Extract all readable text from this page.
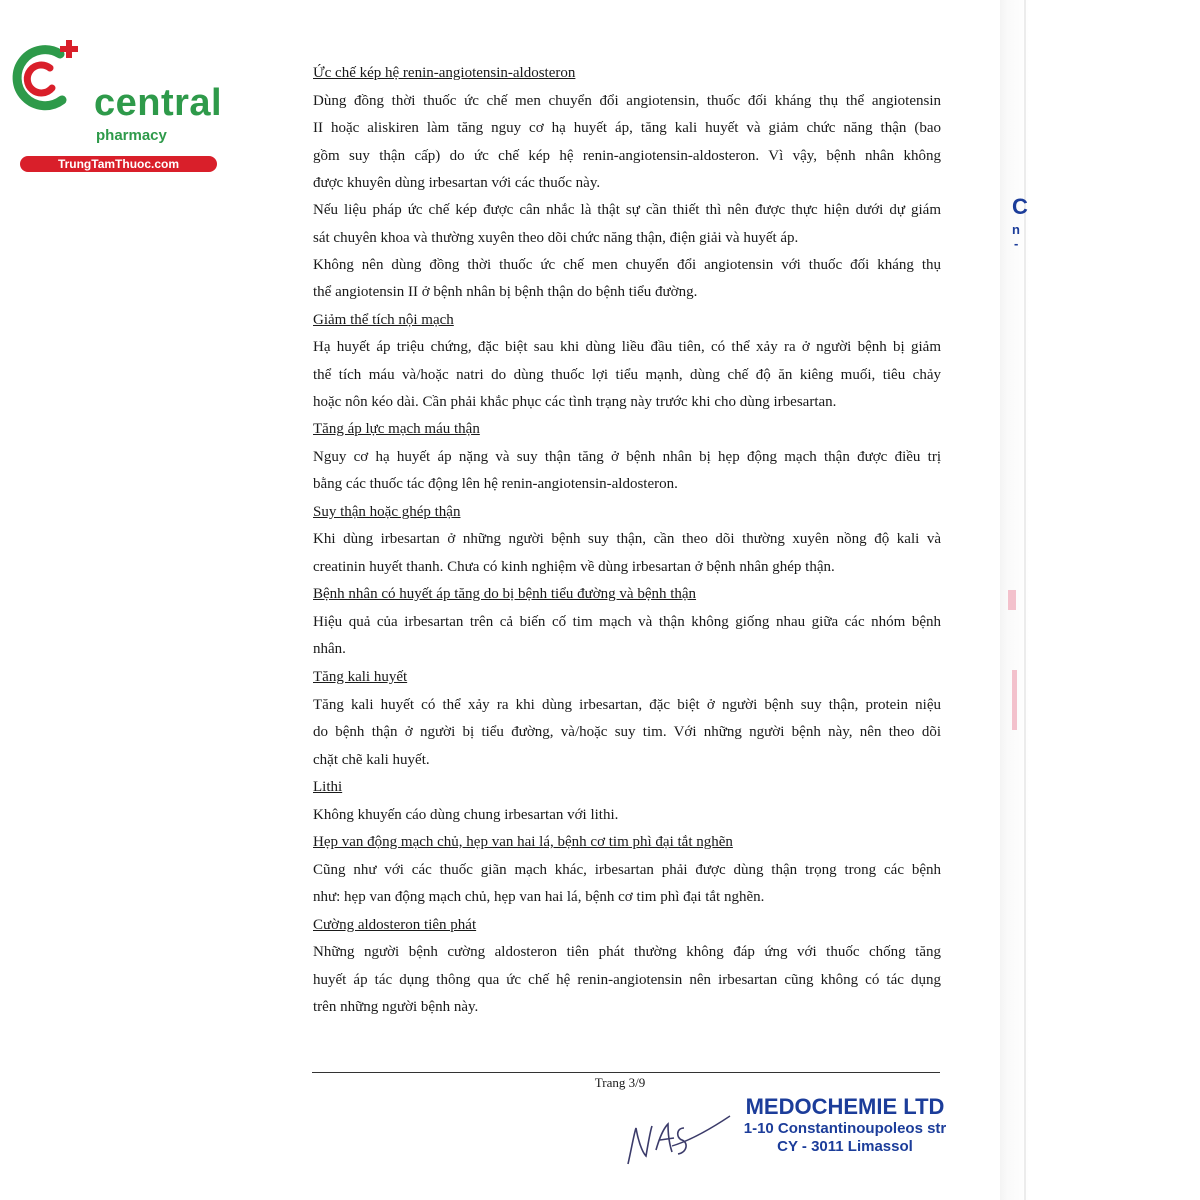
central
pharmacy
TrungTamThuoc.com
Ức chế kép hệ renin-angiotensin-aldosteron
Dùng đồng thời thuốc ức chế men chuyển đổi angiotensin, thuốc đối kháng thụ thể angiotensin
II hoặc aliskiren làm tăng nguy cơ hạ huyết áp, tăng kali huyết và giảm chức năng thận (bao
gồm suy thận cấp) do ức chế kép hệ renin-angiotensin-aldosteron. Vì vậy, bệnh nhân không
được khuyên dùng irbesartan với các thuốc này.
Nếu liệu pháp ức chế kép được cân nhắc là thật sự cần thiết thì nên được thực hiện dưới dự giám
sát chuyên khoa và thường xuyên theo dõi chức năng thận, điện giải và huyết áp.
Không nên dùng đồng thời thuốc ức chế men chuyển đổi angiotensin với thuốc đối kháng thụ
thể angiotensin II ở bệnh nhân bị bệnh thận do bệnh tiểu đường.
Giảm thể tích nội mạch
Hạ huyết áp triệu chứng, đặc biệt sau khi dùng liều đầu tiên, có thể xảy ra ở người bệnh bị giảm
thể tích máu và/hoặc natri do dùng thuốc lợi tiểu mạnh, dùng chế độ ăn kiêng muối, tiêu chảy
hoặc nôn kéo dài. Cần phải khắc phục các tình trạng này trước khi cho dùng irbesartan.
Tăng áp lực mạch máu thận
Nguy cơ hạ huyết áp nặng và suy thận tăng ở bệnh nhân bị hẹp động mạch thận được điều trị
bằng các thuốc tác động lên hệ renin-angiotensin-aldosteron.
Suy thận hoặc ghép thận
Khi dùng irbesartan ở những người bệnh suy thận, cần theo dõi thường xuyên nồng độ kali và
creatinin huyết thanh. Chưa có kinh nghiệm về dùng irbesartan ở bệnh nhân ghép thận.
Bệnh nhân có huyết áp tăng do bị bệnh tiểu đường và bệnh thận
Hiệu quả của irbesartan trên cả biến cố tim mạch và thận không giống nhau giữa các nhóm bệnh
nhân.
Tăng kali huyết
Tăng kali huyết có thể xảy ra khi dùng irbesartan, đặc biệt ở người bệnh suy thận, protein niệu
do bệnh thận ở người bị tiểu đường, và/hoặc suy tim. Với những người bệnh này, nên theo dõi
chặt chẽ kali huyết.
Lithi
Không khuyến cáo dùng chung irbesartan với lithi.
Hẹp van động mạch chủ, hẹp van hai lá, bệnh cơ tim phì đại tắt nghẽn
Cũng như với các thuốc giãn mạch khác, irbesartan phải được dùng thận trọng trong các bệnh
như: hẹp van động mạch chủ, hẹp van hai lá, bệnh cơ tim phì đại tắt nghẽn.
Cường aldosteron tiên phát
Những người bệnh cường aldosteron tiên phát thường không đáp ứng với thuốc chống tăng
huyết áp tác dụng thông qua ức chế hệ renin-angiotensin nên irbesartan cũng không có tác dụng
trên những người bệnh này.
Trang 3/9
MEDOCHEMIE LTD
1-10 Constantinoupoleos str
CY - 3011 Limassol
C
n
-
